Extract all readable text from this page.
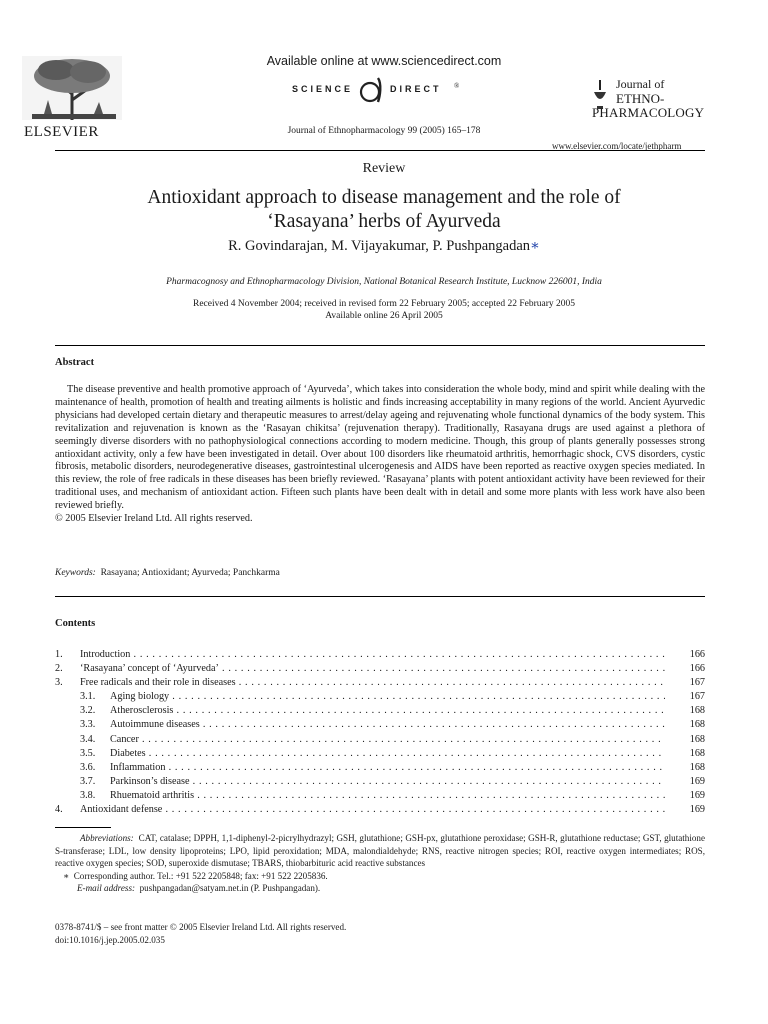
ELSEVIER
Available online at www.sciencedirect.com
SCIENCE	DIRECT ®
Journal of Ethnopharmacology 99 (2005) 165–178
Journal of
ETHNO-
PHARMACOLOGY
www.elsevier.com/locate/jethpharm
Review
Antioxidant approach to disease management and the role of ‘Rasayana’ herbs of Ayurveda
R. Govindarajan, M. Vijayakumar, P. Pushpangadan∗
Pharmacognosy and Ethnopharmacology Division, National Botanical Research Institute, Lucknow 226001, India
Received 4 November 2004; received in revised form 22 February 2005; accepted 22 February 2005
Available online 26 April 2005
Abstract

The disease preventive and health promotive approach of ‘Ayurveda’, which takes into consideration the whole body, mind and spirit while dealing with the maintenance of health, promotion of health and treating ailments is holistic and finds increasing acceptability in many regions of the world. Ancient Ayurvedic physicians had developed certain dietary and therapeutic measures to arrest/delay ageing and rejuvenating whole functional dynamics of the body system. This revitalization and rejuvenation is known as the ‘Rasayan chikitsa’ (rejuvenation therapy). Traditionally, Rasayana drugs are used against a plethora of seemingly diverse disorders with no pathophysiological connections according to modern medicine. Though, this group of plants generally possesses strong antioxidant activity, only a few have been investigated in detail. Over about 100 disorders like rheumatoid arthritis, hemorrhagic shock, CVS disorders, cystic fibrosis, metabolic disorders, neurodegenerative diseases, gastrointestinal ulcerogenesis and AIDS have been reported as reactive oxygen species mediated. In this review, the role of free radicals in these diseases has been briefly reviewed. ‘Rasayana’ plants with potent antioxidant activity have been reviewed for their traditional uses, and mechanism of antioxidant action. Fifteen such plants have been dealt with in detail and some more plants with less work have also been reviewed briefly.

© 2005 Elsevier Ireland Ltd. All rights reserved.

Keywords: Rasayana; Antioxidant; Ayurveda; Panchkarma
Contents
1. Introduction . . .	166
2. ‘Rasayana’ concept of ‘Ayurveda’ . . .	166
3. Free radicals and their role in diseases . . .	167
3.1. Aging biology . . .	167
3.2. Atherosclerosis . . .	168
3.3. Autoimmune diseases . . .	168
3.4. Cancer . . .	168
3.5. Diabetes . . .	168
3.6. Inflammation . . .	168
3.7. Parkinson’s disease . . .	169
3.8. Rhuematoid arthritis . . .	169
4. Antioxidant defense . . .	169

Abbreviations: CAT, catalase; DPPH, 1,1-diphenyl-2-picrylhydrazyl; GSH, glutathione; GSH-px, glutathione peroxidase; GSH-R, glutathione reductase; GST, glutathione S-transferase; LDL, low density lipoproteins; LPO, lipid peroxidation; MDA, malondialdehyde; RNS, reactive nitrogen species; ROI, reactive oxygen intermediates; ROS, reactive oxygen species; SOD, superoxide dismutase; TBARS, thiobarbituric acid reactive substances

∗ Corresponding author. Tel.: +91 522 2205848; fax: +91 522 2205836.

E-mail address: pushpangadan@satyam.net.in (P. Pushpangadan).

0378-8741/$ – see front matter © 2005 Elsevier Ireland Ltd. All rights reserved.
doi:10.1016/j.jep.2005.02.035
